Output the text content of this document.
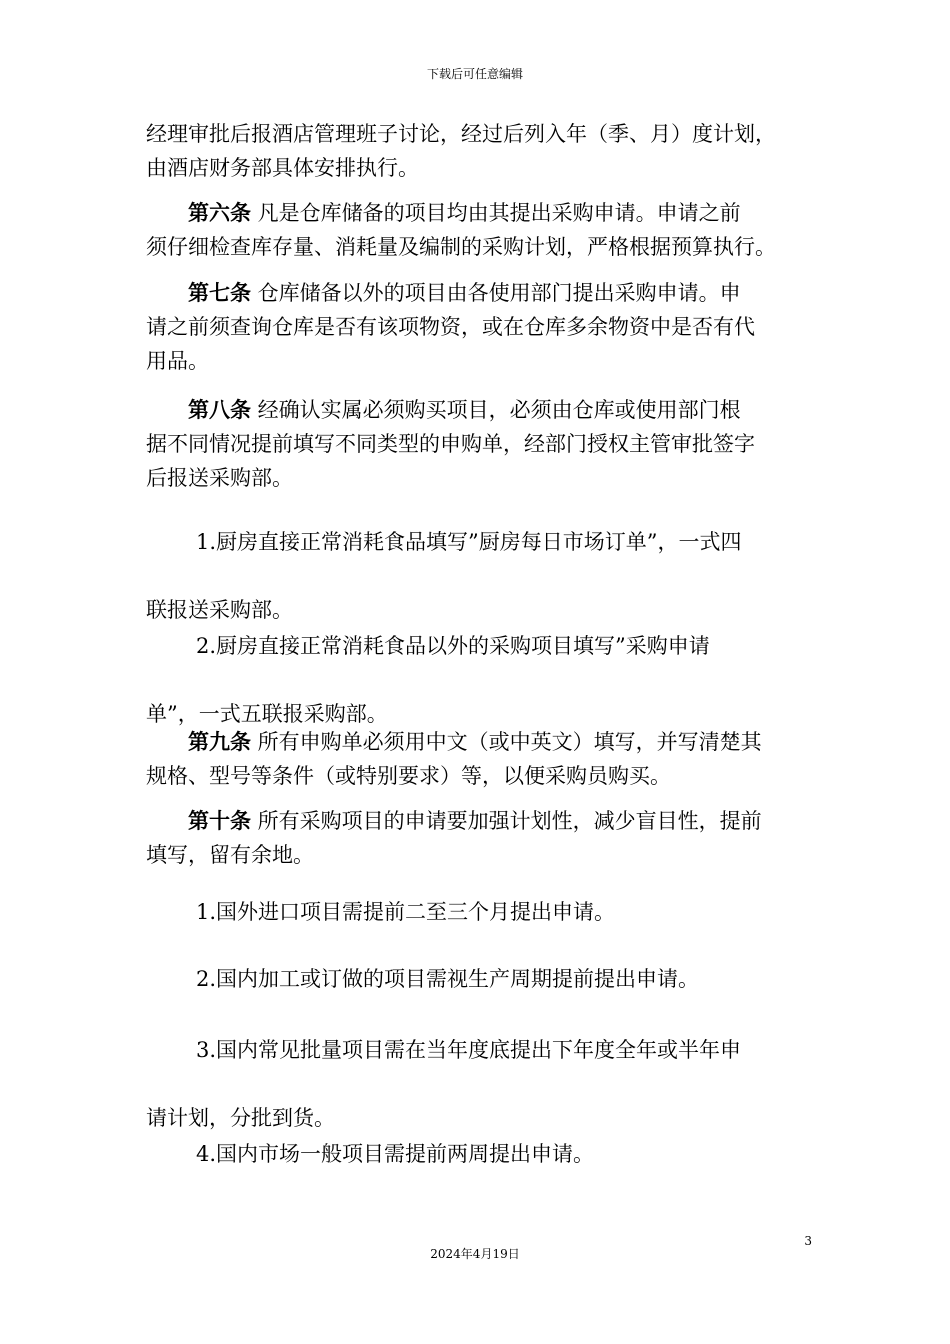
下载后可任意编辑

经理审批后报酒店管理班子讨论，经过后列入年（季、月）度计划，
由酒店财务部具体安排执行。

第六条 凡是仓库储备的项目均由其提出采购申请。申请之前
须仔细检查库存量、消耗量及编制的采购计划，严格根据预算执行。

第七条 仓库储备以外的项目由各使用部门提出采购申请。申
请之前须查询仓库是否有该项物资，或在仓库多余物资中是否有代
用品。

第八条 经确认实属必须购买项目，必须由仓库或使用部门根
据不同情况提前填写不同类型的申购单，经部门授权主管审批签字
后报送采购部。

1.厨房直接正常消耗食品填写”厨房每日市场订单”，一式四
联报送采购部。

2.厨房直接正常消耗食品以外的采购项目填写”采购申请
单”，一式五联报采购部。

第九条 所有申购单必须用中文（或中英文）填写，并写清楚其
规格、型号等条件（或特别要求）等，以便采购员购买。

第十条 所有采购项目的申请要加强计划性，减少盲目性，提前
填写，留有余地。

1.国外进口项目需提前二至三个月提出申请。

2.国内加工或订做的项目需视生产周期提前提出申请。

3.国内常见批量项目需在当年度底提出下年度全年或半年申
请计划，分批到货。

4.国内市场一般项目需提前两周提出申请。

3
2024年4月19日
